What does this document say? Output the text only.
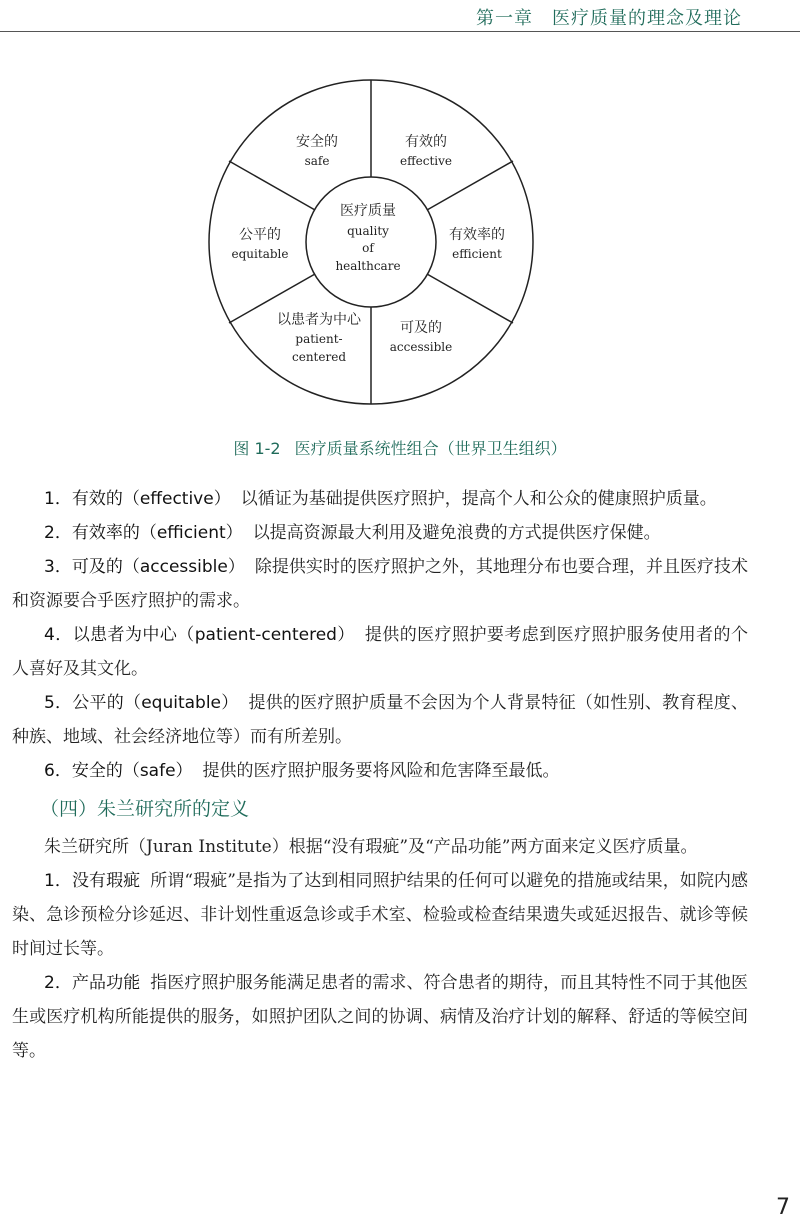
第一章　医疗质量的理念及理论
医疗质量
quality
of
healthcare
安全的
safe
有效的
effective
有效率的
efficient
可及的
accessible
以患者为中心
patient-
centered
公平的
equitable
图 1-2 医疗质量系统性组合（世界卫生组织）

1．有效的（effective） 以循证为基础提供医疗照护，提高个人和公众的健康照护质量。

2．有效率的（efficient） 以提高资源最大利用及避免浪费的方式提供医疗保健。

3．可及的（accessible） 除提供实时的医疗照护之外，其地理分布也要合理，并且医疗技术和资源要合乎医疗照护的需求。

4．以患者为中心（patient-centered） 提供的医疗照护要考虑到医疗照护服务使用者的个人喜好及其文化。

5．公平的（equitable） 提供的医疗照护质量不会因为个人背景特征（如性别、教育程度、种族、地域、社会经济地位等）而有所差别。

6．安全的（safe） 提供的医疗照护服务要将风险和危害降至最低。

（四）朱兰研究所的定义

朱兰研究所（Juran Institute）根据“没有瑕疵”及“产品功能”两方面来定义医疗质量。

1．没有瑕疵 所谓“瑕疵”是指为了达到相同照护结果的任何可以避免的措施或结果，如院内感染、急诊预检分诊延迟、非计划性重返急诊或手术室、检验或检查结果遗失或延迟报告、就诊等候时间过长等。

2．产品功能 指医疗照护服务能满足患者的需求、符合患者的期待，而且其特性不同于其他医生或医疗机构所能提供的服务，如照护团队之间的协调、病情及治疗计划的解释、舒适的等候空间等。

7
